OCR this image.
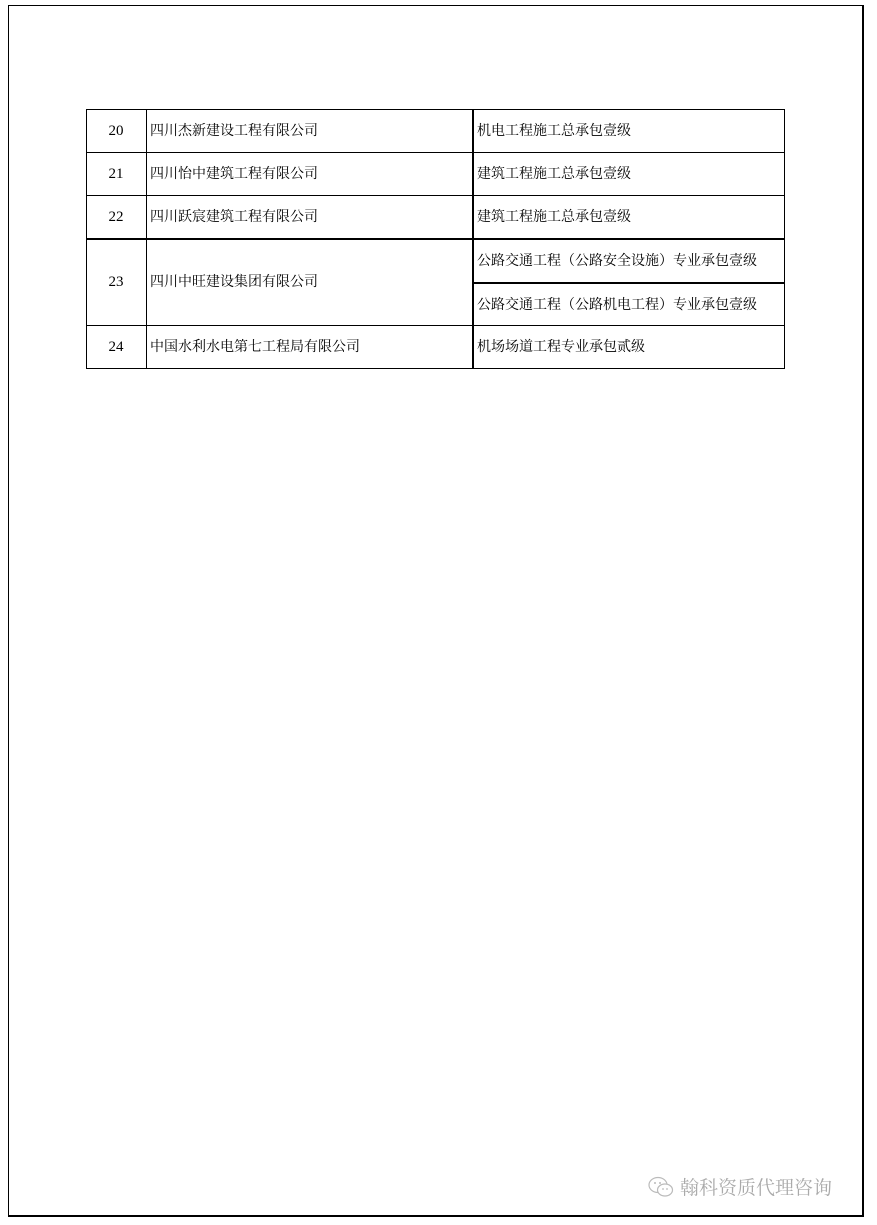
20	四川杰新建设工程有限公司	机电工程施工总承包壹级
21	四川怡中建筑工程有限公司	建筑工程施工总承包壹级
22	四川跃宸建筑工程有限公司	建筑工程施工总承包壹级
23	四川中旺建设集团有限公司
公路交通工程（公路安全设施）专业承包壹级
公路交通工程（公路机电工程）专业承包壹级
24	中国水利水电第七工程局有限公司	机场场道工程专业承包贰级
翰科资质代理咨询
